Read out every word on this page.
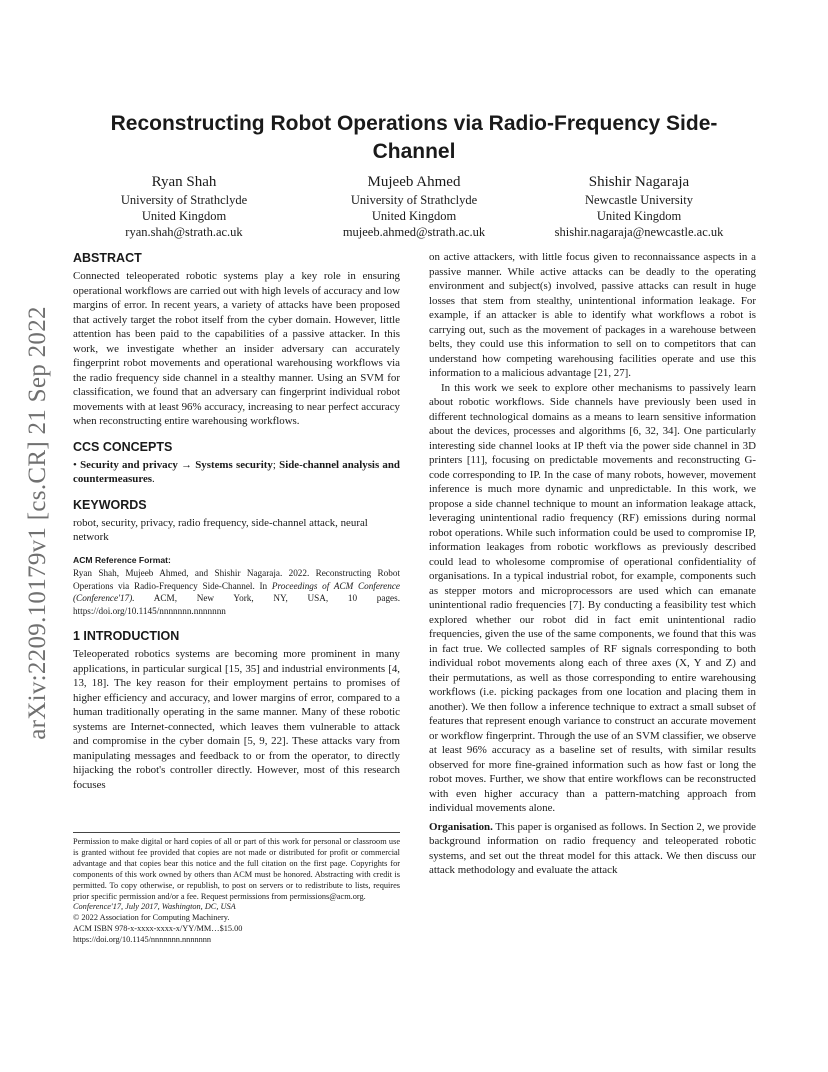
arXiv:2209.10179v1 [cs.CR] 21 Sep 2022
Reconstructing Robot Operations via Radio-Frequency Side-Channel
Ryan Shah
University of Strathclyde
United Kingdom
ryan.shah@strath.ac.uk
Mujeeb Ahmed
University of Strathclyde
United Kingdom
mujeeb.ahmed@strath.ac.uk
Shishir Nagaraja
Newcastle University
United Kingdom
shishir.nagaraja@newcastle.ac.uk
ABSTRACT

Connected teleoperated robotic systems play a key role in ensuring operational workflows are carried out with high levels of accuracy and low margins of error. In recent years, a variety of attacks have been proposed that actively target the robot itself from the cyber domain. However, little attention has been paid to the capabilities of a passive attacker. In this work, we investigate whether an insider adversary can accurately fingerprint robot movements and operational warehousing workflows via the radio frequency side channel in a stealthy manner. Using an SVM for classification, we found that an adversary can fingerprint individual robot movements with at least 96% accuracy, increasing to near perfect accuracy when reconstructing entire warehousing workflows.

CCS CONCEPTS

• Security and privacy → Systems security; Side-channel analysis and countermeasures.

KEYWORDS

robot, security, privacy, radio frequency, side-channel attack, neural network

ACM Reference Format:

Ryan Shah, Mujeeb Ahmed, and Shishir Nagaraja. 2022. Reconstructing Robot Operations via Radio-Frequency Side-Channel. In Proceedings of ACM Conference (Conference'17). ACM, New York, NY, USA, 10 pages. https://doi.org/10.1145/nnnnnnn.nnnnnnn

1 INTRODUCTION

Teleoperated robotics systems are becoming more prominent in many applications, in particular surgical [15, 35] and industrial environments [4, 13, 18]. The key reason for their employment pertains to promises of higher efficiency and accuracy, and lower margins of error, compared to a human traditionally operating in the same manner. Many of these robotic systems are Internet-connected, which leaves them vulnerable to attack and compromise in the cyber domain [5, 9, 22]. These attacks vary from manipulating messages and feedback to or from the operator, to directly hijacking the robot's controller directly. However, most of this research focuses

Permission to make digital or hard copies of all or part of this work for personal or classroom use is granted without fee provided that copies are not made or distributed for profit or commercial advantage and that copies bear this notice and the full citation on the first page. Copyrights for components of this work owned by others than ACM must be honored. Abstracting with credit is permitted. To copy otherwise, or republish, to post on servers or to redistribute to lists, requires prior specific permission and/or a fee. Request permissions from permissions@acm.org.

Conference'17, July 2017, Washington, DC, USA
© 2022 Association for Computing Machinery.
ACM ISBN 978-x-xxxx-xxxx-x/YY/MM…$15.00
https://doi.org/10.1145/nnnnnnn.nnnnnnn

on active attackers, with little focus given to reconnaissance aspects in a passive manner. While active attacks can be deadly to the operating environment and subject(s) involved, passive attacks can result in huge losses that stem from stealthy, unintentional information leakage. For example, if an attacker is able to identify what workflows a robot is carrying out, such as the movement of packages in a warehouse between belts, they could use this information to sell on to competitors that can understand how competing warehousing facilities operate and use this information to a malicious advantage [21, 27].

In this work we seek to explore other mechanisms to passively learn about robotic workflows. Side channels have previously been used in different technological domains as a means to learn sensitive information about the devices, processes and algorithms [6, 32, 34]. One particularly interesting side channel looks at IP theft via the power side channel in 3D printers [11], focusing on predictable movements and reconstructing G-code corresponding to IP. In the case of many robots, however, movement inference is much more dynamic and unpredictable. In this work, we propose a side channel technique to mount an information leakage attack, leveraging unintentional radio frequency (RF) emissions during normal robot operations. While such information could be used to compromise IP, information leakages from robotic workflows as previously described could lead to wholesome compromise of operational confidentiality of organisations. In a typical industrial robot, for example, components such as stepper motors and microprocessors are used which can emanate unintentional radio frequencies [7]. By conducting a feasibility test which explored whether our robot did in fact emit unintentional radio frequencies, given the use of the same components, we found that this was in fact true. We collected samples of RF signals corresponding to both individual robot movements along each of three axes (X, Y and Z) and their permutations, as well as those corresponding to entire warehousing workflows (i.e. picking packages from one location and placing them in another). We then follow a inference technique to extract a small subset of features that represent enough variance to construct an accurate movement or workflow fingerprint. Through the use of an SVM classifier, we observe at least 96% accuracy as a baseline set of results, with similar results observed for more fine-grained information such as how fast or long the robot moves. Further, we show that entire workflows can be reconstructed with even higher accuracy than a pattern-matching approach from individual movements alone.

Organisation. This paper is organised as follows. In Section 2, we provide background information on radio frequency and teleoperated robotic systems, and set out the threat model for this attack. We then discuss our attack methodology and evaluate the attack
